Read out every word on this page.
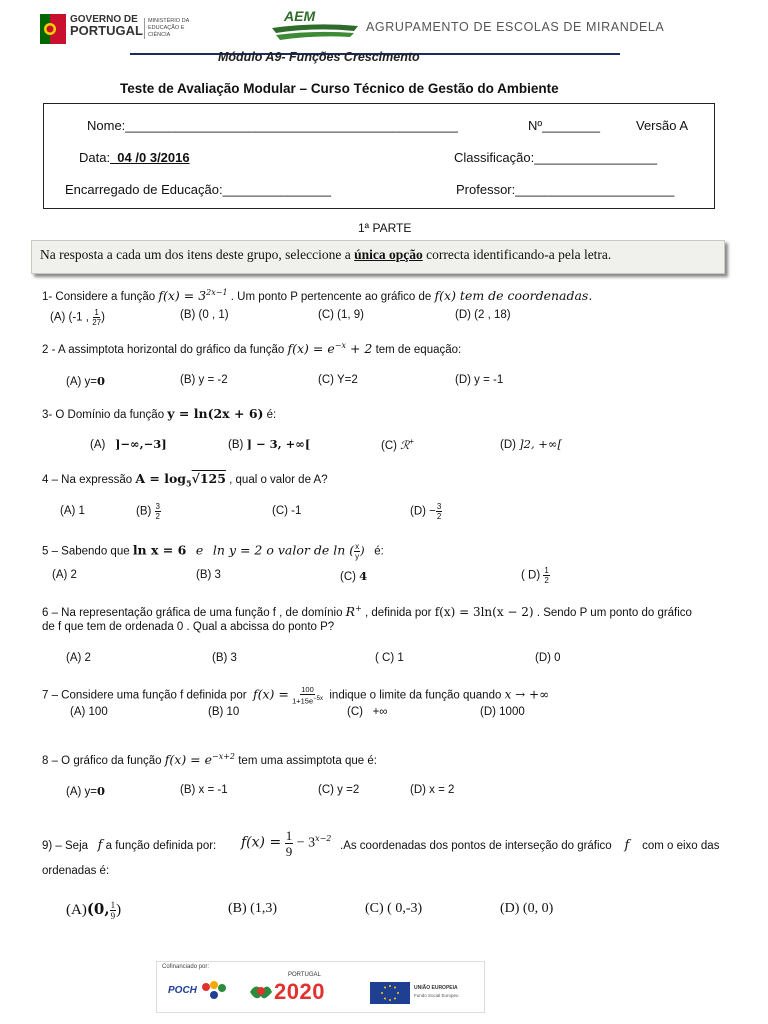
GOVERNO DE
PORTUGAL
MINISTÉRIO DA EDUCAÇÃO E CIÊNCIA
AEM
AGRUPAMENTO DE ESCOLAS DE MIRANDELA
Módulo A9- Funções Crescimento
Teste de Avaliação Modular – Curso Técnico de Gestão do Ambiente
Nome:______________________________________________	Nº________	Versão A
Data:_04 /0 3/2016	Classificação:_________________
Encarregado de Educação:_______________	Professor:______________________
1ª PARTE
Na resposta a cada um dos itens deste grupo, seleccione a única opção correcta identificando-a pela letra.
1- Considere a função $f(x) = 3^{2x-1}$ . Um ponto P pertencente ao gráfico de f(x) tem de coordenadas.
(A) (-1 , $\frac{1}{27}$ )	(B) (0 , 1)	(C) (1, 9)	(D) (2 , 18)
2 - A assimptota horizontal do gráfico da função $f(x) = e^{-x} + 2$ tem de equação:
(A) y=0	(B) y = -2	(C) Y=2	(D) y = -1
3- O Domínio da função y = ln(2x + 6) é:
(A) ]−∞,−3]	(B) ] − 3, +∞[	(C) ℛ+	(D) ]2, +∞[
4 – Na expressão $A = \log_5√125$ , qual o valor de A?
(A) 1	$(B) \frac{3}{2}$	(C) -1	$(D) - \frac{3}{2}$
5 – Sabendo que ln x = 6 e ln y = 2 o valor de ln ( $\frac{x}{y}$ ) é:
(A) 2	(B) 3	(C) 4	( $D) \frac{1}{2}$
6 – Na representação gráfica de uma função f , de domínio R+ , definida por f(x) = 3ln(x − 2) . Sendo P um ponto do gráfico
de f que tem de ordenada 0 . Qual a abcissa do ponto P?
(A) 2	(B) 3	( C) 1	(D) 0
7 – Considere uma função f definida por $f(x) = \frac{100}{1+15e^{-5x}}$ indique o limite da função quando x → +∞
(A) 100	(B) 10	(C) +∞	(D) 1000
8 – O gráfico da função $f(x) = e^{-x+2}$ tem uma assimptota que é:
(A) y=0	(B) x = -1	(C) y =2	(D) x = 2
9) – Seja f a função definida por:	$f(x) = \frac{1}{9} - 3^{x-2}$
.As coordenadas dos pontos de interseção do gráfico f com o eixo das
ordenadas é:
(A)(0, $\frac{1}{9}$ )	(B) (1,3)	(C) ( 0,-3)	(D) (0, 0)
Cofinanciado por:
POCH
PORTUGAL
2020	UNIÃO EUROPEIA
Fundo Social Europeu
